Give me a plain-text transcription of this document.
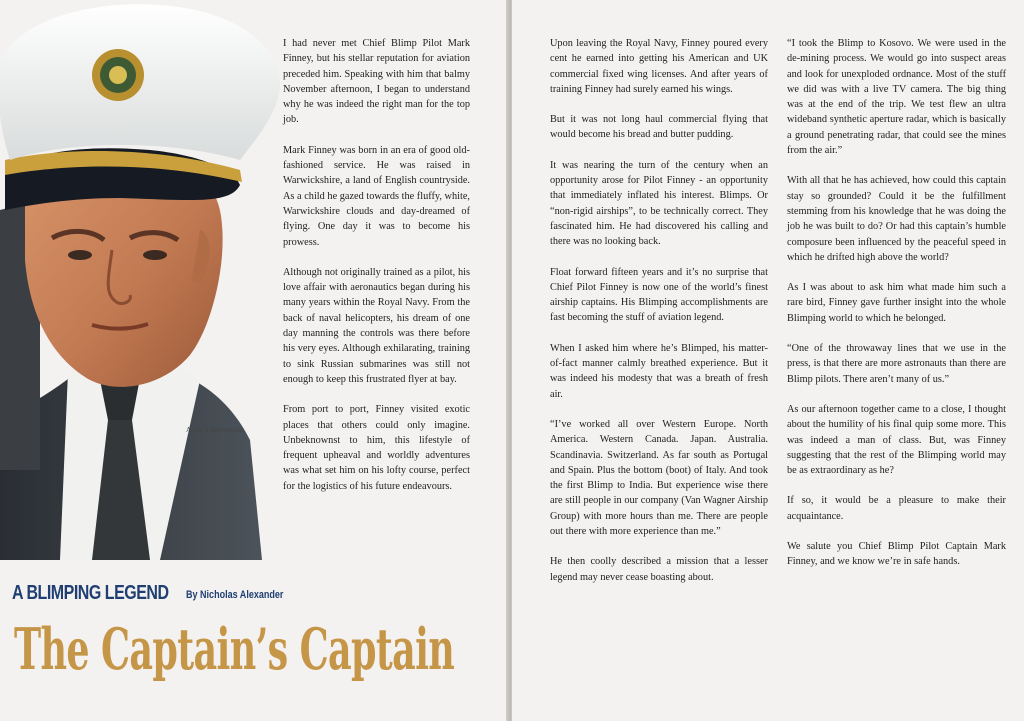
Artist’s impression

I had never met Chief Blimp Pilot Mark Finney, but his stellar reputation for aviation preceded him. Speaking with him that balmy November afternoon, I began to understand why he was indeed the right man for the top job.

Mark Finney was born in an era of good old-fashioned service. He was raised in Warwickshire, a land of English countryside. As a child he gazed towards the fluffy, white, Warwickshire clouds and day-dreamed of flying. One day it was to become his prowess.

Although not originally trained as a pilot, his love affair with aeronautics began during his many years within the Royal Navy. From the back of naval helicopters, his dream of one day manning the controls was there before his very eyes. Although exhilarating, training to sink Russian submarines was still not enough to keep this frustrated flyer at bay.

From port to port, Finney visited exotic places that others could only imagine. Unbeknownst to him, this lifestyle of frequent upheaval and worldly adventures was what set him on his lofty course, perfect for the logistics of his future endeavours.

A BLIMPING LEGEND By Nicholas Alexander
The Captain’s Captain

Upon leaving the Royal Navy, Finney poured every cent he earned into getting his American and UK commercial fixed wing licenses. And after years of training Finney had surely earned his wings.

But it was not long haul commercial flying that would become his bread and butter pudding.

It was nearing the turn of the century when an opportunity arose for Pilot Finney - an opportunity that immediately inflated his interest. Blimps. Or “non-rigid airships”, to be technically correct. They fascinated him. He had discovered his calling and there was no looking back.

Float forward fifteen years and it’s no surprise that Chief Pilot Finney is now one of the world’s finest airship captains. His Blimping accomplishments are fast becoming the stuff of aviation legend.

When I asked him where he’s Blimped, his matter-of-fact manner calmly breathed experience. But it was indeed his modesty that was a breath of fresh air.

“I’ve worked all over Western Europe. North America. Western Canada. Japan. Australia. Scandinavia. Switzerland. As far south as Portugal and Spain. Plus the bottom (boot) of Italy. And took the first Blimp to India. But experience wise there are still people in our company (Van Wagner Airship Group) with more hours than me. There are people out there with more experience than me.”

He then coolly described a mission that a lesser legend may never cease boasting about.

“I took the Blimp to Kosovo. We were used in the de-mining process. We would go into suspect areas and look for unexploded ordnance. Most of the stuff we did was with a live TV camera. The big thing was at the end of the trip. We test flew an ultra wideband synthetic aperture radar, which is basically a ground penetrating radar, that could see the mines from the air.”

With all that he has achieved, how could this captain stay so grounded? Could it be the fulfillment stemming from his knowledge that he was doing the job he was built to do? Or had this captain’s humble composure been influenced by the peaceful speed in which he drifted high above the world?

As I was about to ask him what made him such a rare bird, Finney gave further insight into the whole Blimping world to which he belonged.

“One of the throwaway lines that we use in the press, is that there are more astronauts than there are Blimp pilots. There aren’t many of us.”

As our afternoon together came to a close, I thought about the humility of his final quip some more. This was indeed a man of class. But, was Finney suggesting that the rest of the Blimping world may be as extraordinary as he?

If so, it would be a pleasure to make their acquaintance.

We salute you Chief Blimp Pilot Captain Mark Finney, and we know we’re in safe hands.
